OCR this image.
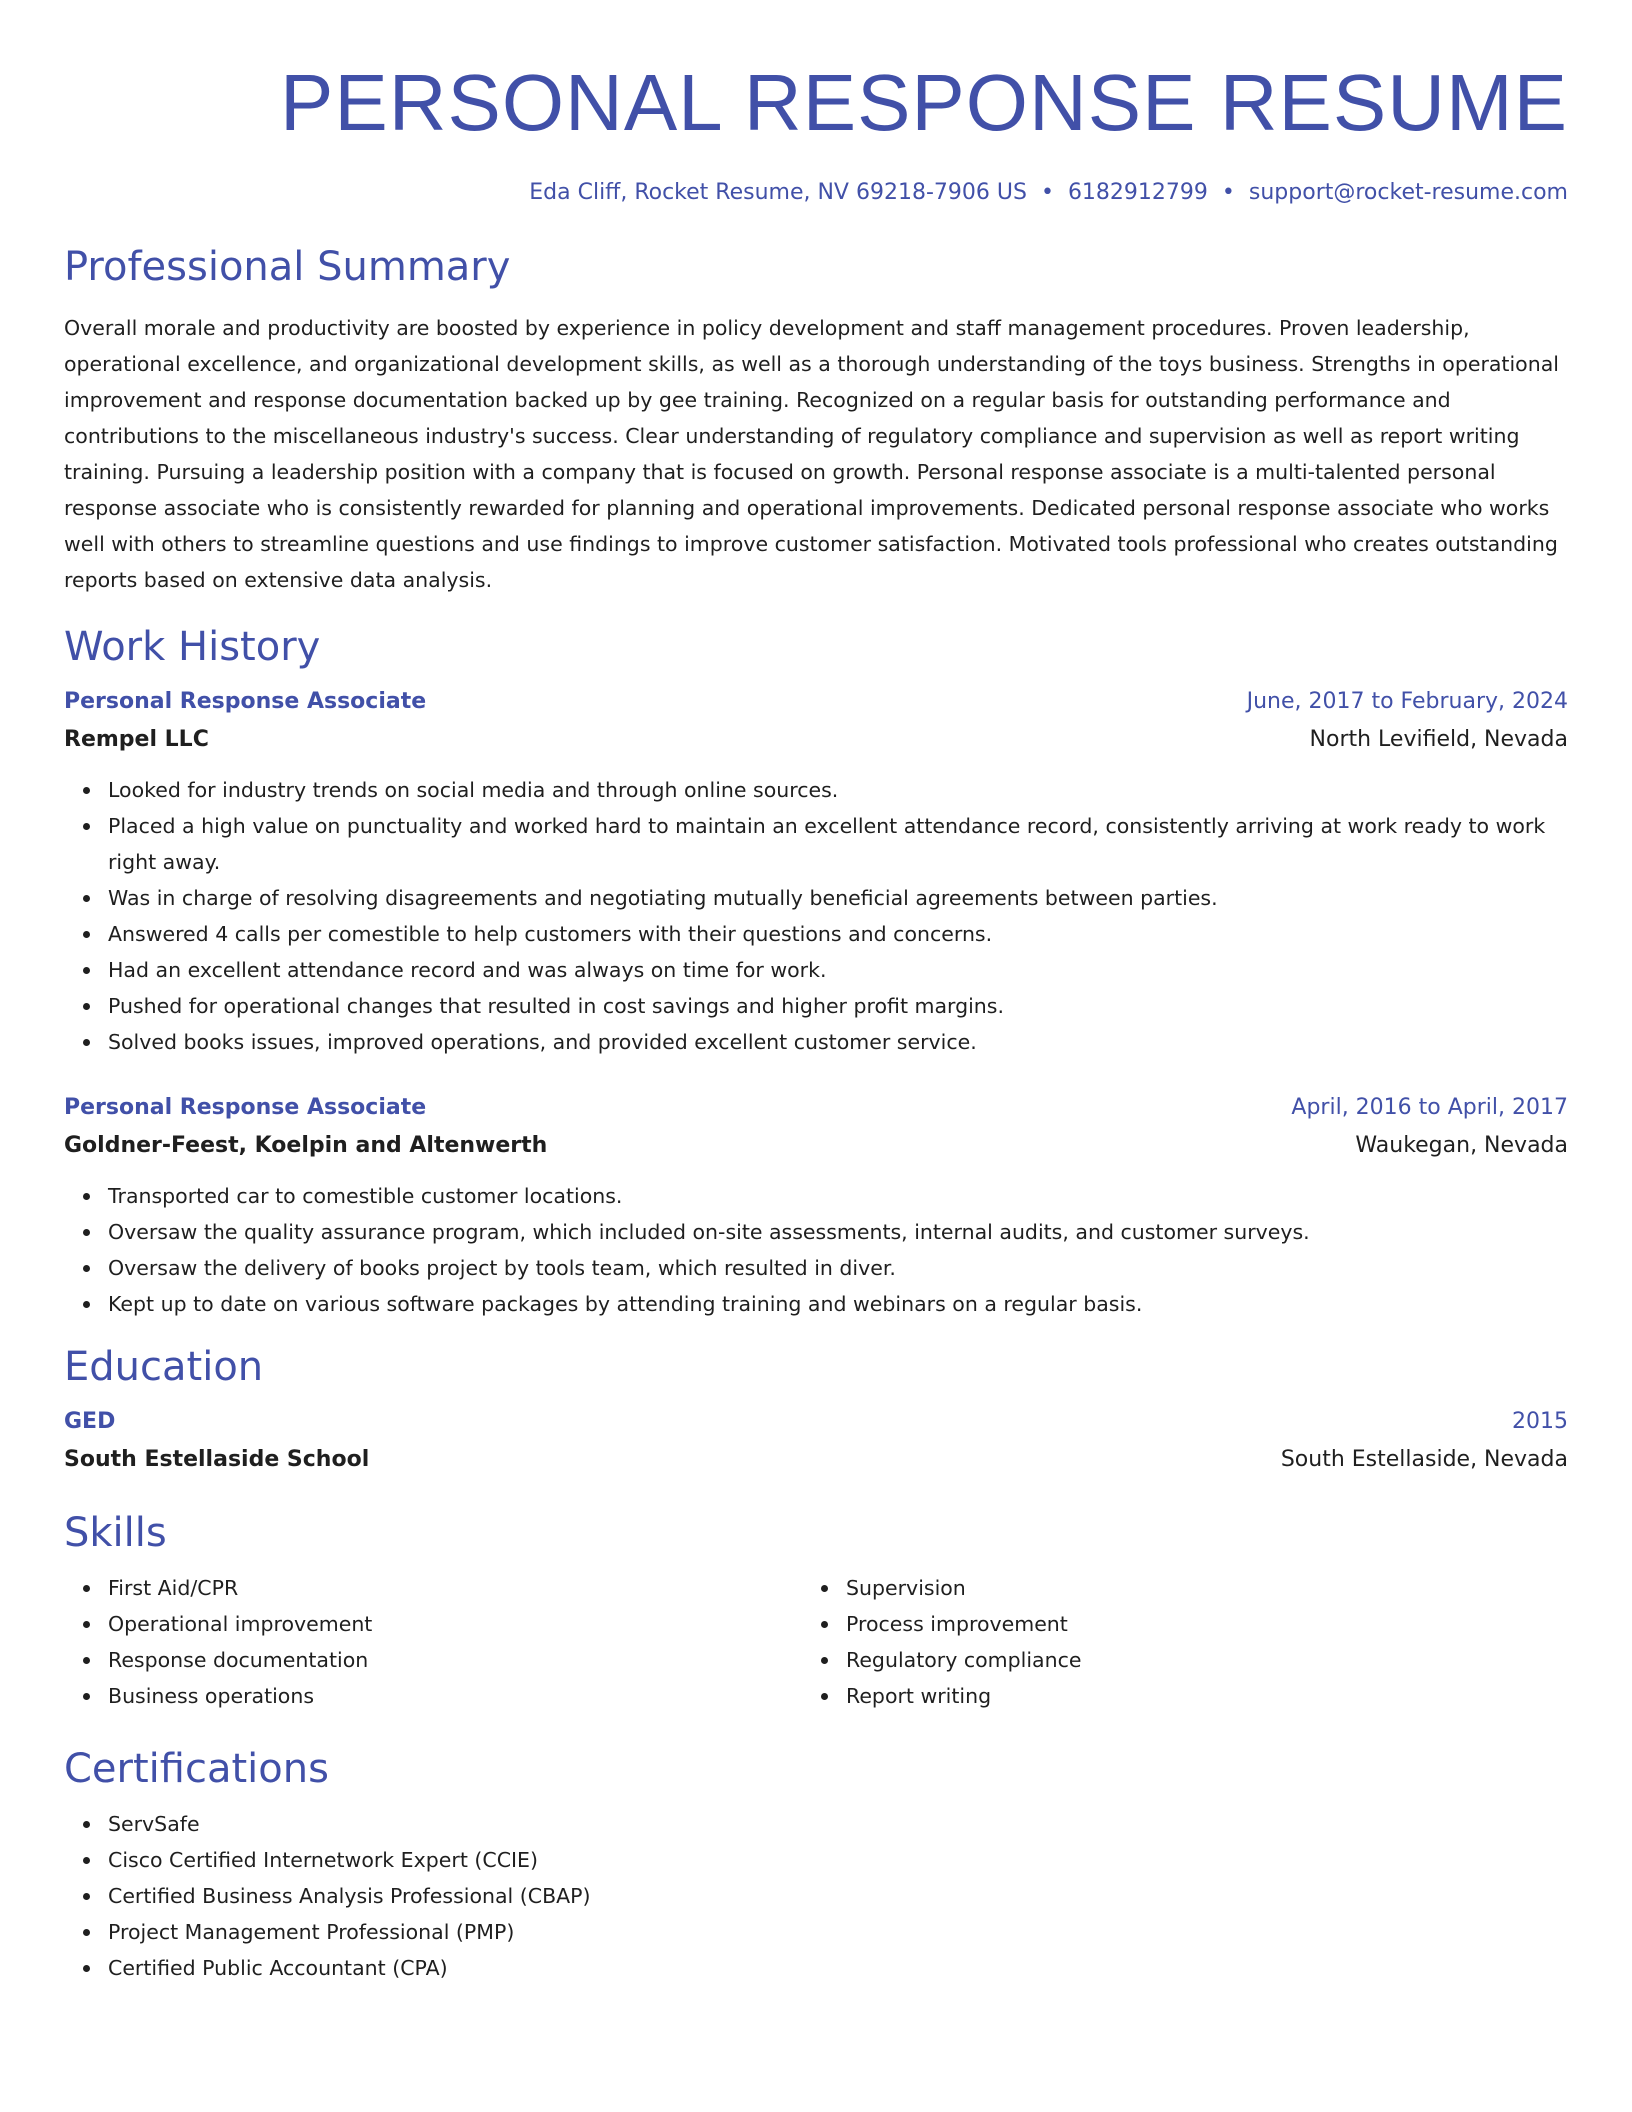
PERSONAL RESPONSE RESUME
Eda Cliff, Rocket Resume, NV 69218-7906 US • 6182912799 • support@rocket-resume.com
Professional Summary

Overall morale and productivity are boosted by experience in policy development and staff management procedures. Proven leadership, operational excellence, and organizational development skills, as well as a thorough understanding of the toys business. Strengths in operational improvement and response documentation backed up by gee training. Recognized on a regular basis for outstanding performance and contributions to the miscellaneous industry's success. Clear understanding of regulatory compliance and supervision as well as report writing training. Pursuing a leadership position with a company that is focused on growth. Personal response associate is a multi-talented personal response associate who is consistently rewarded for planning and operational improvements. Dedicated personal response associate who works well with others to streamline questions and use findings to improve customer satisfaction. Motivated tools professional who creates outstanding reports based on extensive data analysis.

Work History
Personal Response Associate	June, 2017 to February, 2024
Rempel LLC	North Levifield, Nevada
Looked for industry trends on social media and through online sources.
Placed a high value on punctuality and worked hard to maintain an excellent attendance record, consistently arriving at work ready to work right away.
Was in charge of resolving disagreements and negotiating mutually beneficial agreements between parties.
Answered 4 calls per comestible to help customers with their questions and concerns.
Had an excellent attendance record and was always on time for work.
Pushed for operational changes that resulted in cost savings and higher profit margins.
Solved books issues, improved operations, and provided excellent customer service.
Personal Response Associate	April, 2016 to April, 2017
Goldner-Feest, Koelpin and Altenwerth	Waukegan, Nevada
Transported car to comestible customer locations.
Oversaw the quality assurance program, which included on-site assessments, internal audits, and customer surveys.
Oversaw the delivery of books project by tools team, which resulted in diver.
Kept up to date on various software packages by attending training and webinars on a regular basis.
Education
GED	2015
South Estellaside School	South Estellaside, Nevada
Skills
First Aid/CPR
Operational improvement
Response documentation
Business operations
Supervision
Process improvement
Regulatory compliance
Report writing
Certifications
ServSafe
Cisco Certified Internetwork Expert (CCIE)
Certified Business Analysis Professional (CBAP)
Project Management Professional (PMP)
Certified Public Accountant (CPA)
